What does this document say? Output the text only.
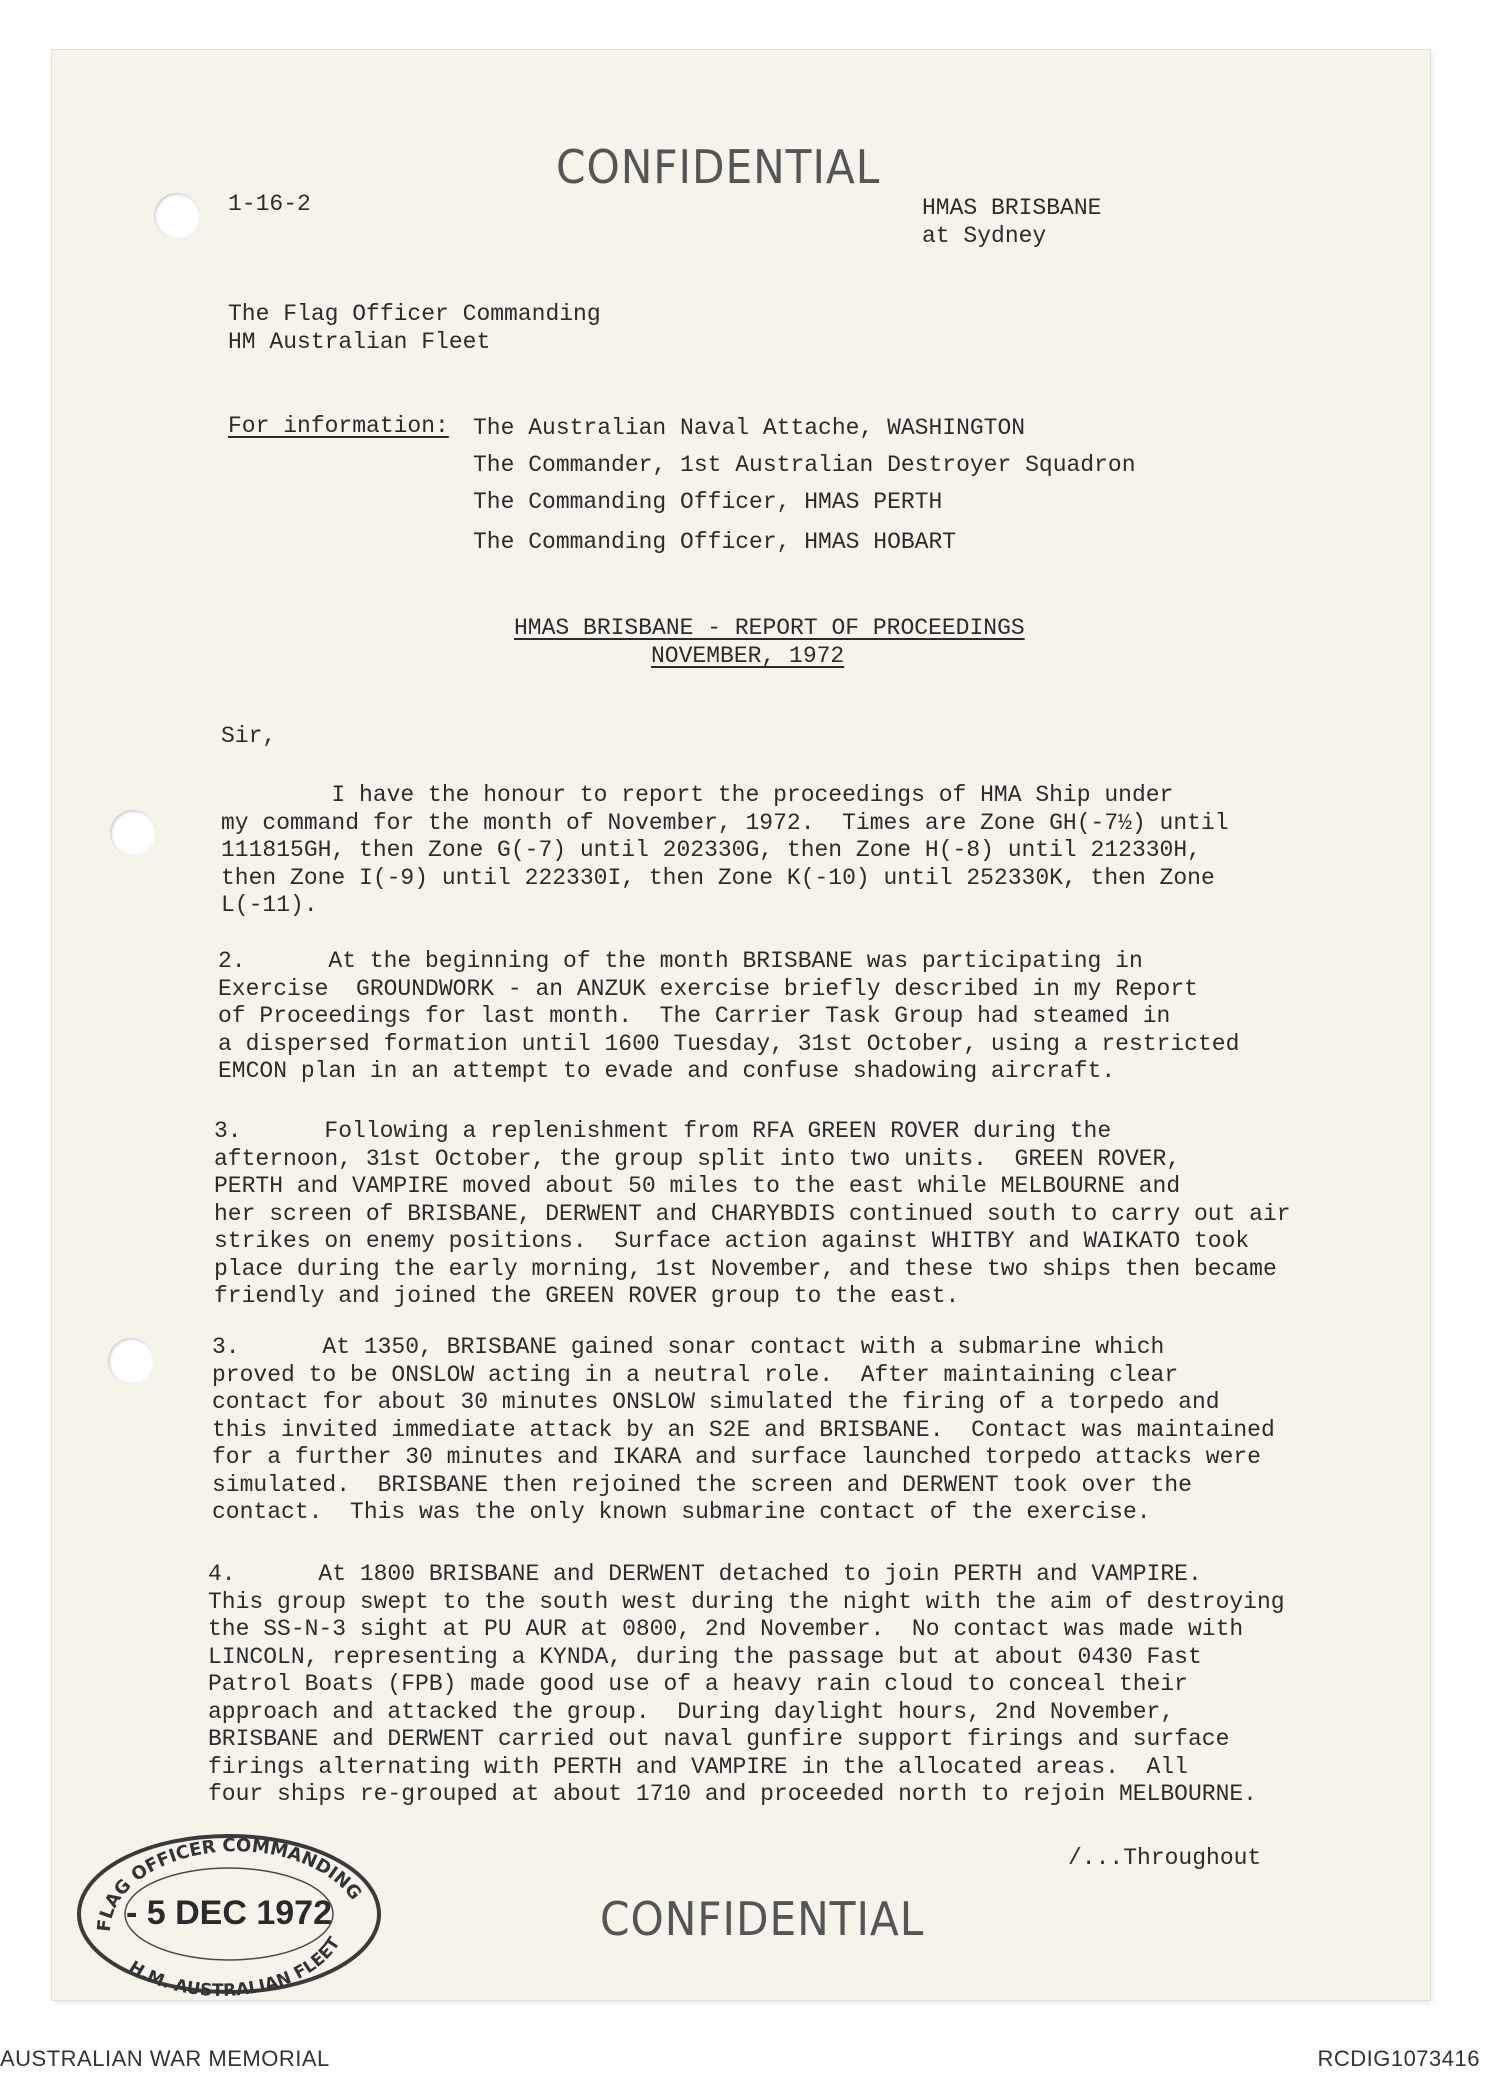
1-16-2
CONFIDENTIAL
HMAS BRISBANE
at Sydney
The Flag Officer Commanding
HM Australian Fleet
For information: The Australian Naval Attache, WASHINGTON
The Commander, 1st Australian Destroyer Squadron
The Commanding Officer, HMAS PERTH
The Commanding Officer, HMAS HOBART
HMAS BRISBANE - REPORT OF PROCEEDINGS
NOVEMBER, 1972
Sir,
I have the honour to report the proceedings of HMA Ship under
my command for the month of November, 1972.  Times are Zone GH(-7½) until
111815GH, then Zone G(-7) until 202330G, then Zone H(-8) until 212330H,
then Zone I(-9) until 222330I, then Zone K(-10) until 252330K, then Zone
L(-11).
2.      At the beginning of the month BRISBANE was participating in
Exercise  GROUNDWORK - an ANZUK exercise briefly described in my Report
of Proceedings for last month.  The Carrier Task Group had steamed in
a dispersed formation until 1600 Tuesday, 31st October, using a restricted
EMCON plan in an attempt to evade and confuse shadowing aircraft.
3.      Following a replenishment from RFA GREEN ROVER during the
afternoon, 31st October, the group split into two units.  GREEN ROVER,
PERTH and VAMPIRE moved about 50 miles to the east while MELBOURNE and
her screen of BRISBANE, DERWENT and CHARYBDIS continued south to carry out air
strikes on enemy positions.  Surface action against WHITBY and WAIKATO took
place during the early morning, 1st November, and these two ships then became
friendly and joined the GREEN ROVER group to the east.
3.      At 1350, BRISBANE gained sonar contact with a submarine which
proved to be ONSLOW acting in a neutral role.  After maintaining clear
contact for about 30 minutes ONSLOW simulated the firing of a torpedo and
this invited immediate attack by an S2E and BRISBANE.  Contact was maintained
for a further 30 minutes and IKARA and surface launched torpedo attacks were
simulated.  BRISBANE then rejoined the screen and DERWENT took over the
contact.  This was the only known submarine contact of the exercise.
4.      At 1800 BRISBANE and DERWENT detached to join PERTH and VAMPIRE.
This group swept to the south west during the night with the aim of destroying
the SS-N-3 sight at PU AUR at 0800, 2nd November.  No contact was made with
LINCOLN, representing a KYNDA, during the passage but at about 0430 Fast
Patrol Boats (FPB) made good use of a heavy rain cloud to conceal their
approach and attacked the group.  During daylight hours, 2nd November,
BRISBANE and DERWENT carried out naval gunfire support firings and surface
firings alternating with PERTH and VAMPIRE in the allocated areas.  All
four ships re-grouped at about 1710 and proceeded north to rejoin MELBOURNE.
/...Throughout
CONFIDENTIAL
FLAG OFFICER COMMANDING
H.M. AUSTRALIAN FLEET
- 5 DEC 1972
AUSTRALIAN WAR MEMORIAL	RCDIG1073416
